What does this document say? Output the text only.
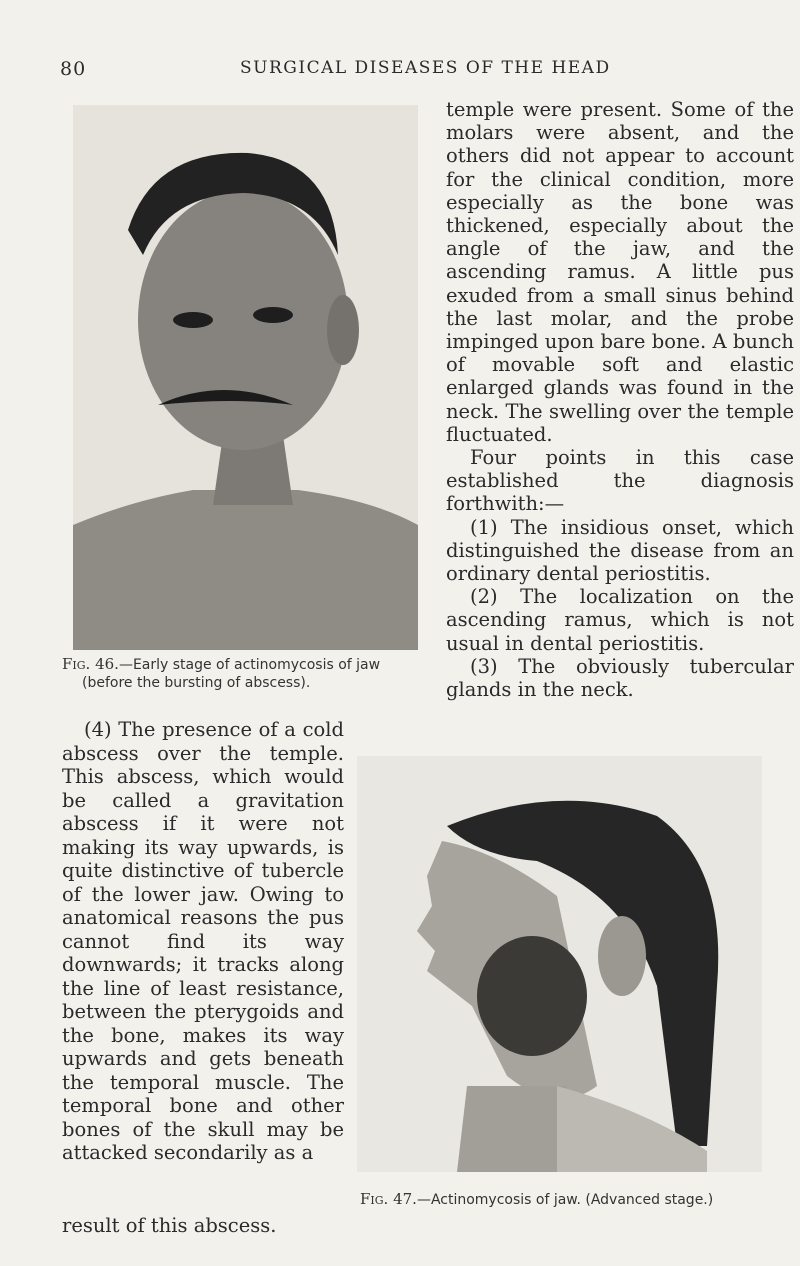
80	SURGICAL DISEASES OF THE HEAD
Fig. 46.—Early stage of actinomycosis of jaw
(before the bursting of abscess).

temple were present. Some of the molars were absent, and the others did not appear to account for the clinical condition, more especially as the bone was thickened, especially about the angle of the jaw, and the ascending ramus. A little pus exuded from a small sinus behind the last molar, and the probe impinged upon bare bone. A bunch of movable soft and elastic enlarged glands was found in the neck. The swelling over the temple fluctuated.

Four points in this case established the diagnosis forthwith:—

(1) The insidious onset, which distinguished the disease from an ordinary dental periostitis.

(2) The localization on the ascending ramus, which is not usual in dental periostitis.

(3) The obviously tubercular glands in the neck.

(4) The presence of a cold abscess over the temple. This abscess, which would be called a gravitation abscess if it were not making its way upwards, is quite distinctive of tubercle of the lower jaw. Owing to anatomical reasons the pus cannot find its way downwards; it tracks along the line of least resistance, between the pterygoids and the bone, makes its way upwards and gets beneath the temporal muscle. The temporal bone and other bones of the skull may be attacked secondarily as a

Fig. 47.—Actinomycosis of jaw. (Advanced stage.)
result of this abscess.
